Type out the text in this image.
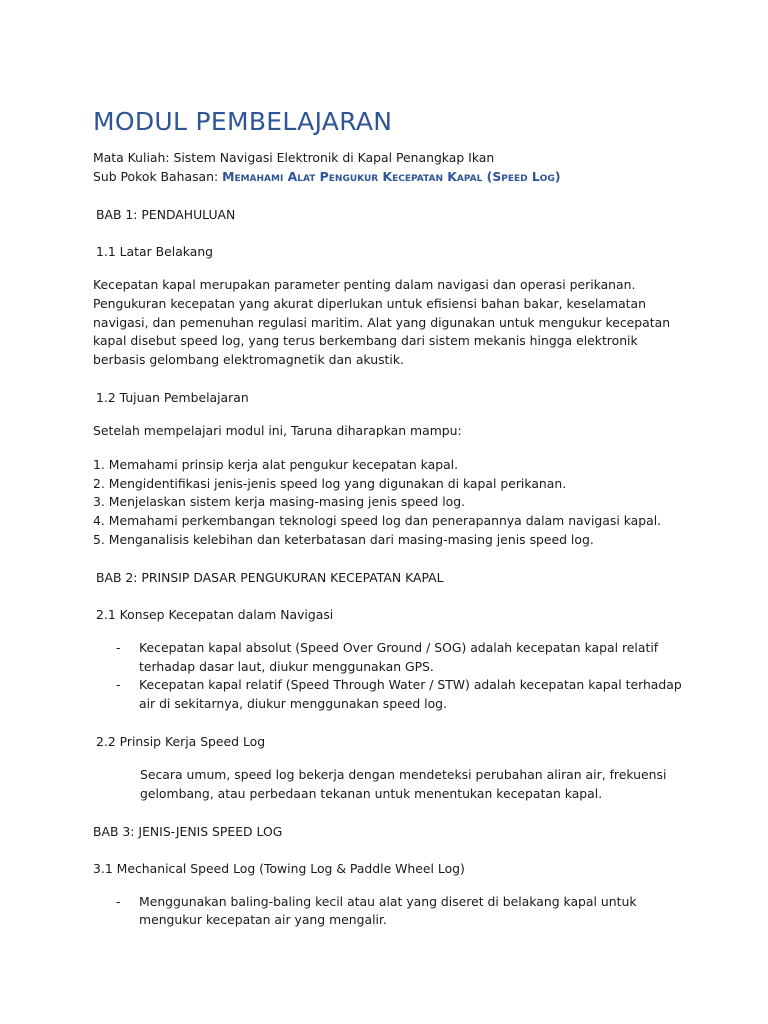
MODUL PEMBELAJARAN

Mata Kuliah: Sistem Navigasi Elektronik di Kapal Penangkap Ikan

Sub Pokok Bahasan: Memahami Alat Pengukur Kecepatan Kapal (Speed Log)

BAB 1: PENDAHULUAN

1.1 Latar Belakang

Kecepatan kapal merupakan parameter penting dalam navigasi dan operasi perikanan. Pengukuran kecepatan yang akurat diperlukan untuk efisiensi bahan bakar, keselamatan navigasi, dan pemenuhan regulasi maritim. Alat yang digunakan untuk mengukur kecepatan kapal disebut speed log, yang terus berkembang dari sistem mekanis hingga elektronik berbasis gelombang elektromagnetik dan akustik.

1.2 Tujuan Pembelajaran

Setelah mempelajari modul ini, Taruna diharapkan mampu:

1. Memahami prinsip kerja alat pengukur kecepatan kapal.
2. Mengidentifikasi jenis-jenis speed log yang digunakan di kapal perikanan.
3. Menjelaskan sistem kerja masing-masing jenis speed log.
4. Memahami perkembangan teknologi speed log dan penerapannya dalam navigasi kapal.
5. Menganalisis kelebihan dan keterbatasan dari masing-masing jenis speed log.

BAB 2: PRINSIP DASAR PENGUKURAN KECEPATAN KAPAL

2.1 Konsep Kecepatan dalam Navigasi

- Kecepatan kapal absolut (Speed Over Ground / SOG) adalah kecepatan kapal relatif terhadap dasar laut, diukur menggunakan GPS.
- Kecepatan kapal relatif (Speed Through Water / STW) adalah kecepatan kapal terhadap air di sekitarnya, diukur menggunakan speed log.

2.2 Prinsip Kerja Speed Log

Secara umum, speed log bekerja dengan mendeteksi perubahan aliran air, frekuensi gelombang, atau perbedaan tekanan untuk menentukan kecepatan kapal.

BAB 3: JENIS-JENIS SPEED LOG

3.1 Mechanical Speed Log (Towing Log & Paddle Wheel Log)

- Menggunakan baling-baling kecil atau alat yang diseret di belakang kapal untuk mengukur kecepatan air yang mengalir.
